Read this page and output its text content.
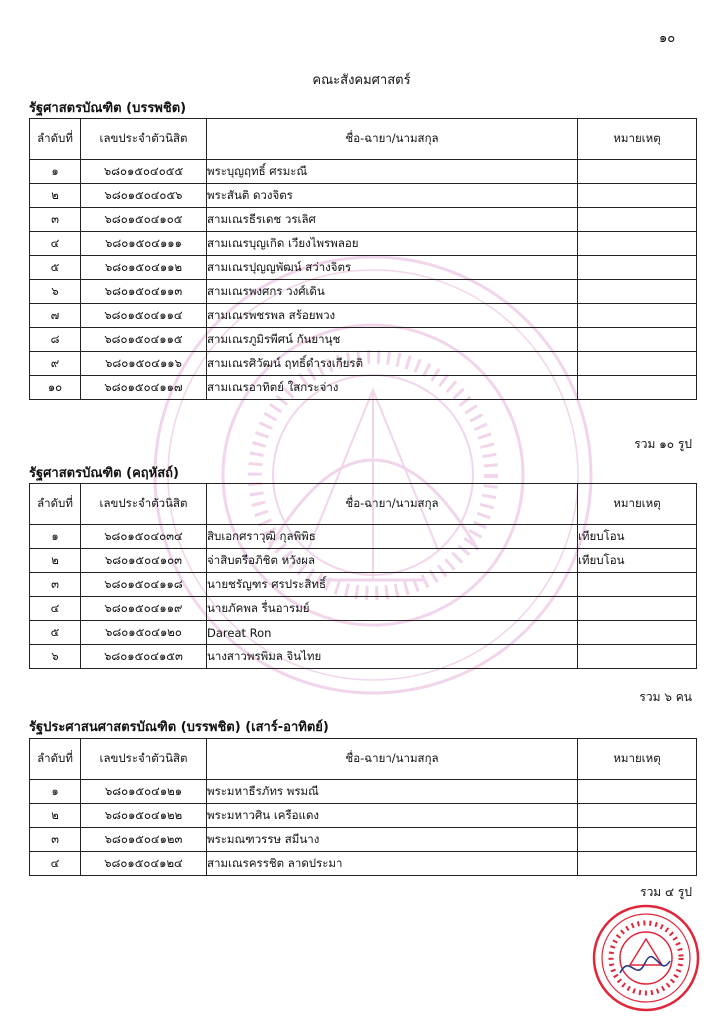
๑๐
คณะสังคมศาสตร์
รัฐศาสตรบัณฑิต (บรรพชิต)
ลำดับที่	เลขประจำตัวนิสิต	ชื่อ-ฉายา/นามสกุล	หมายเหตุ
๑	๖๘๐๑๕๐๔๐๕๕	พระบุญฤทธิ์ ศรมะณี	
๒	๖๘๐๑๕๐๔๐๕๖	พระสันติ ดวงจิตร	
๓	๖๘๐๑๕๐๔๑๐๕	สามเณรธีรเดช วรเลิศ	
๔	๖๘๐๑๕๐๔๑๑๑	สามเณรบุญเกิด เวียงไพรพลอย	
๕	๖๘๐๑๕๐๔๑๑๒	สามเณรปุญญพัฒน์ สว่างจิตร	
๖	๖๘๐๑๕๐๔๑๑๓	สามเณรพงศกร วงศ์เดิน	
๗	๖๘๐๑๕๐๔๑๑๔	สามเณรพชรพล สร้อยพวง	
๘	๖๘๐๑๕๐๔๑๑๕	สามเณรภูมิรพีศน์ กันยานุช	
๙	๖๘๐๑๕๐๔๑๑๖	สามเณรศิวัฒน์ ฤทธิ์ดำรงเกียรติ	
๑๐	๖๘๐๑๕๐๔๑๑๗	สามเณรอาทิตย์ ใสกระจ่าง	
รวม ๑๐ รูป
รัฐศาสตรบัณฑิต (คฤหัสถ์)
ลำดับที่	เลขประจำตัวนิสิต	ชื่อ-ฉายา/นามสกุล	หมายเหตุ
๑	๖๘๐๑๕๐๔๐๓๔	สิบเอกศราวุฒิ กุลพิพิธ	เทียบโอน
๒	๖๘๐๑๕๐๔๑๐๓	จ่าสิบตรีอภิชิต หวังผล	เทียบโอน
๓	๖๘๐๑๕๐๔๑๑๘	นายชรัญฑร ศรประสิทธิ์	
๔	๖๘๐๑๕๐๔๑๑๙	นายภัคพล รื่นอารมย์	
๕	๖๘๐๑๕๐๔๑๒๐	Dareat Ron	
๖	๖๘๐๑๕๐๔๑๕๓	นางสาวพรพิมล จินไทย	
รวม ๖ คน
รัฐประศาสนศาสตรบัณฑิต (บรรพชิต) (เสาร์-อาทิตย์)
ลำดับที่	เลขประจำตัวนิสิต	ชื่อ-ฉายา/นามสกุล	หมายเหตุ
๑	๖๘๐๑๕๐๔๑๒๑	พระมหาธีรภัทร พรมณี	
๒	๖๘๐๑๕๐๔๑๒๒	พระมหาวศิน เครือแดง	
๓	๖๘๐๑๕๐๔๑๒๓	พระมณฑวรรษ สมีนาง	
๔	๖๘๐๑๕๐๔๑๒๔	สามเณรครรชิต ลาดประมา	
รวม ๔ รูป
